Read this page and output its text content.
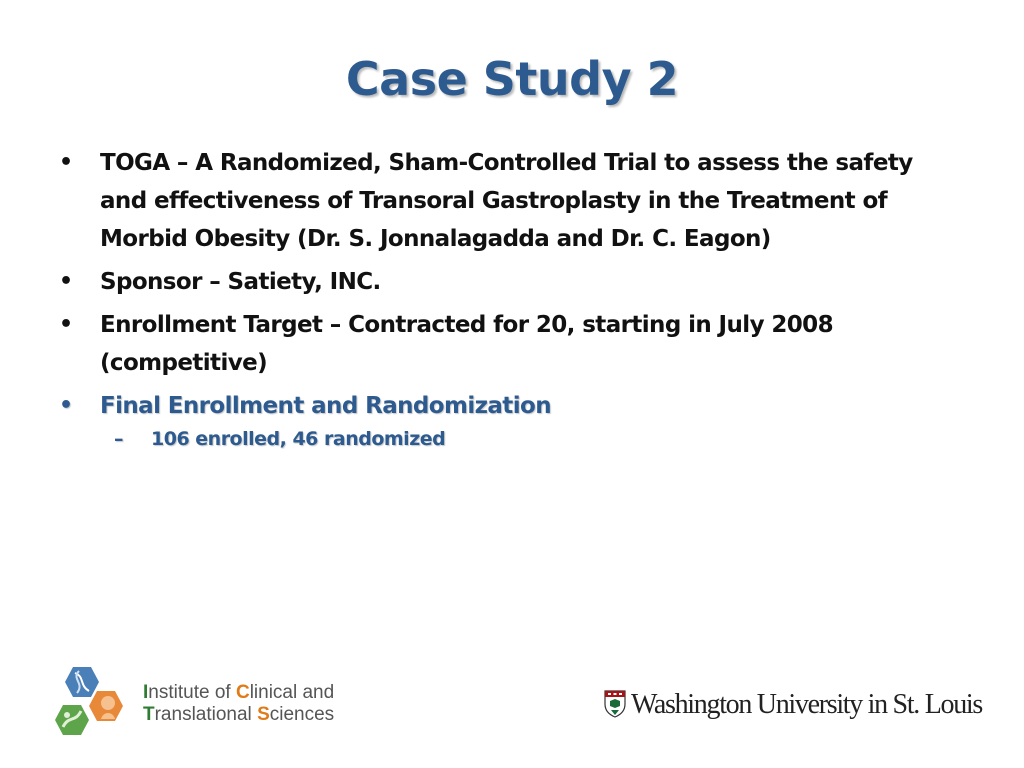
Case Study 2
• TOGA – A Randomized, Sham-Controlled Trial to assess the safety and effectiveness of Transoral Gastroplasty in the Treatment of Morbid Obesity (Dr. S. Jonnalagadda and Dr. C. Eagon)
• Sponsor – Satiety, INC.
• Enrollment Target – Contracted for 20, starting in July 2008 (competitive)
• Final Enrollment and Randomization
– 106 enrolled, 46 randomized
Institute of Clinical and
Translational Sciences	Washington University in St. Louis
